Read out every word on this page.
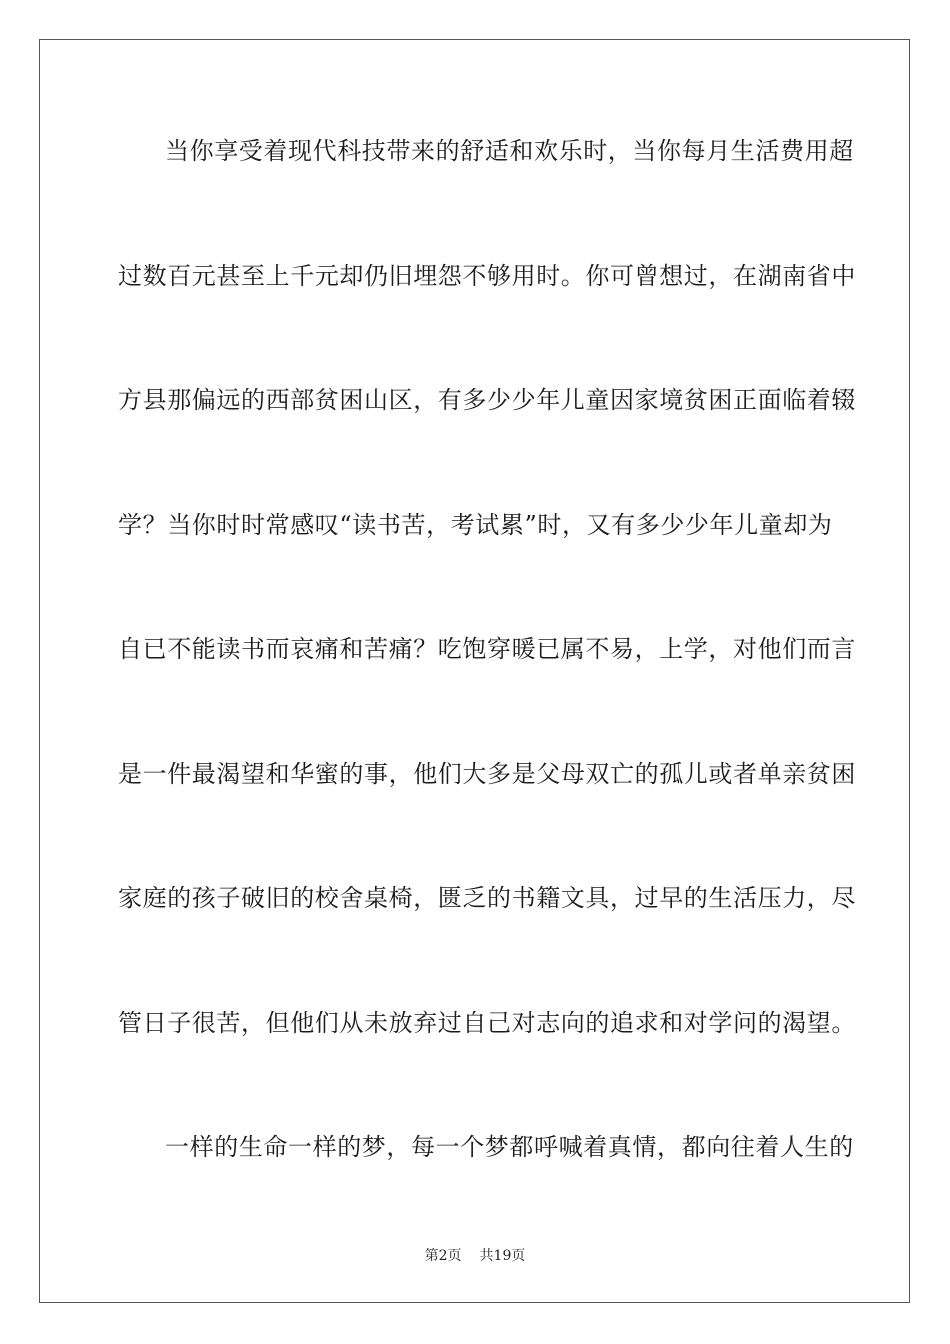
当你享受着现代科技带来的舒适和欢乐时，当你每月生活费用超
过数百元甚至上千元却仍旧埋怨不够用时。你可曾想过，在湖南省中
方县那偏远的西部贫困山区，有多少少年儿童因家境贫困正面临着辍
学？当你时时常感叹“读书苦，考试累”时，又有多少少年儿童却为
自已不能读书而哀痛和苦痛？吃饱穿暖已属不易，上学，对他们而言
是一件最渴望和华蜜的事，他们大多是父母双亡的孤儿或者单亲贫困
家庭的孩子破旧的校舍桌椅，匮乏的书籍文具，过早的生活压力，尽
管日子很苦，但他们从未放弃过自己对志向的追求和对学问的渴望。
一样的生命一样的梦，每一个梦都呼喊着真情，都向往着人生的
第2页 共19页
